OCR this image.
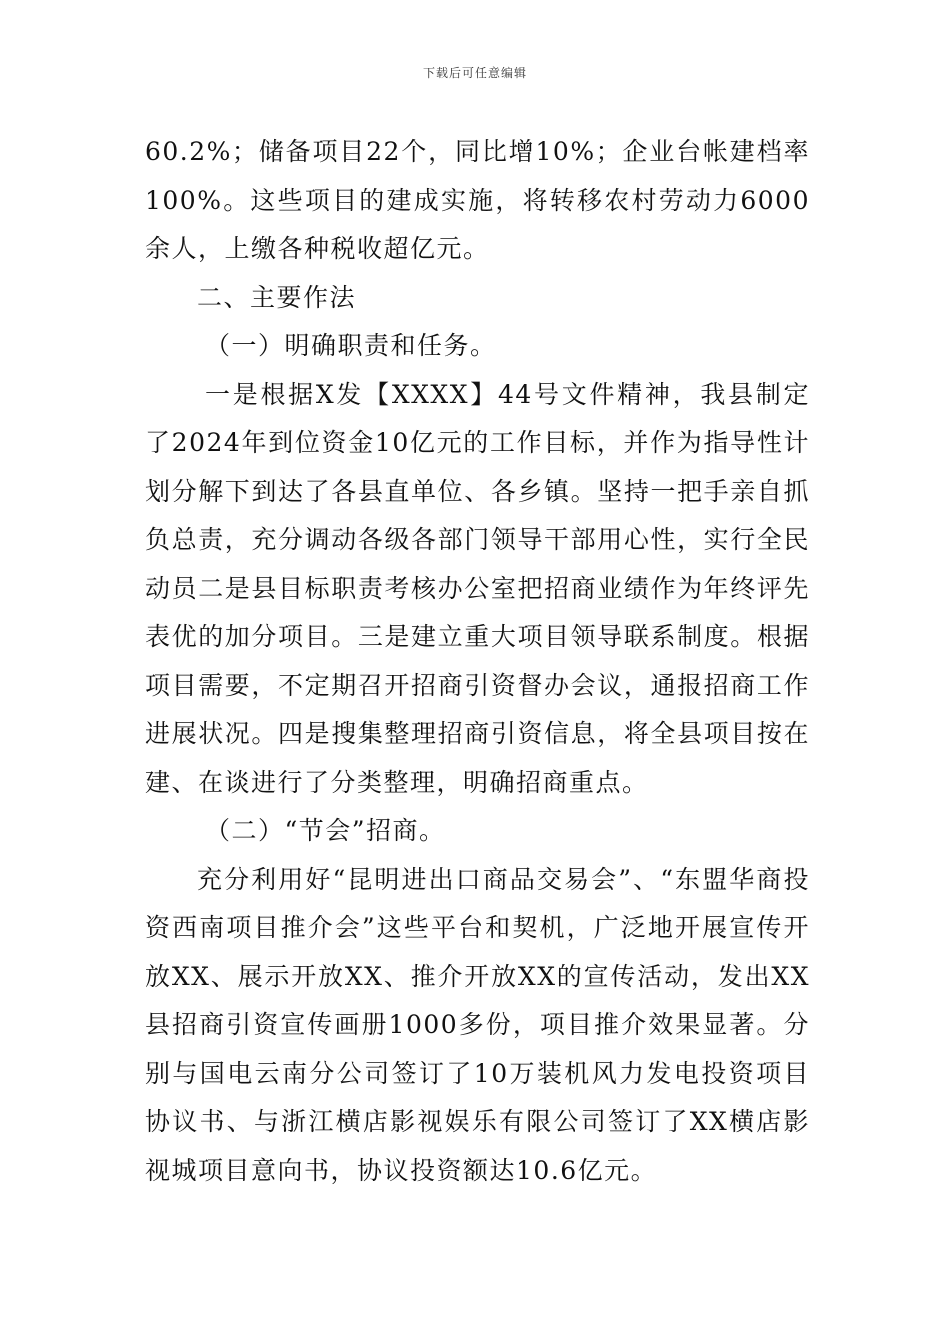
下载后可任意编辑

60.2%；储备项目22个，同比增10%；企业台帐建档率100%。这些项目的建成实施，将转移农村劳动力6000余人，上缴各种税收超亿元。

二、主要作法

（一）明确职责和任务。

一是根据X发【XXXX】44号文件精神，我县制定了2024年到位资金10亿元的工作目标，并作为指导性计划分解下到达了各县直单位、各乡镇。坚持一把手亲自抓负总责，充分调动各级各部门领导干部用心性，实行全民动员二是县目标职责考核办公室把招商业绩作为年终评先表优的加分项目。三是建立重大项目领导联系制度。根据项目需要，不定期召开招商引资督办会议，通报招商工作进展状况。四是搜集整理招商引资信息，将全县项目按在建、在谈进行了分类整理，明确招商重点。

（二）“节会”招商。

充分利用好“昆明进出口商品交易会”、“东盟华商投资西南项目推介会”这些平台和契机，广泛地开展宣传开放XX、展示开放XX、推介开放XX的宣传活动，发出XX县招商引资宣传画册1000多份，项目推介效果显著。分别与国电云南分公司签订了10万装机风力发电投资项目协议书、与浙江横店影视娱乐有限公司签订了XX横店影视城项目意向书，协议投资额达10.6亿元。
